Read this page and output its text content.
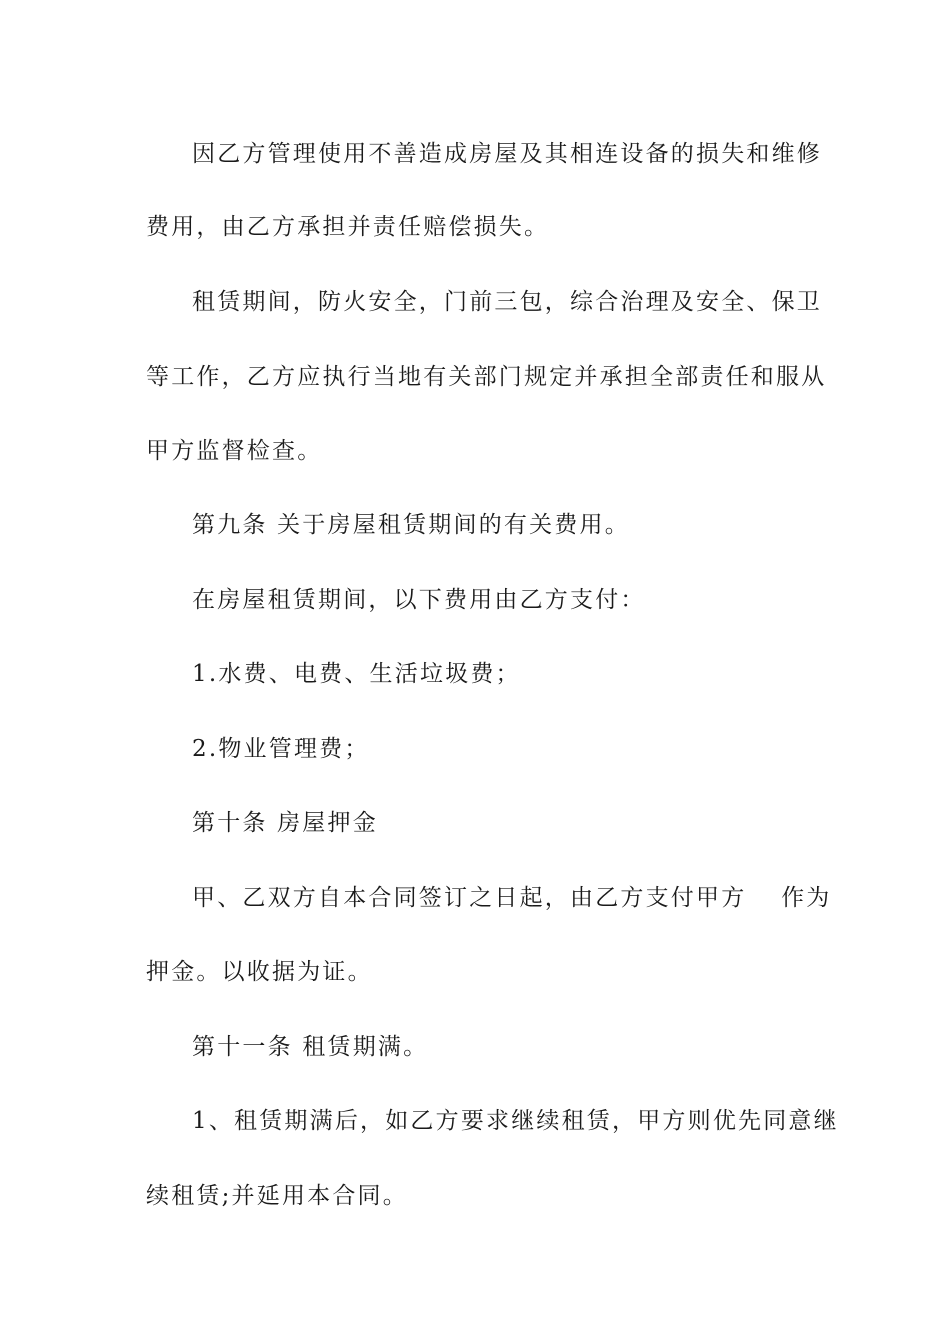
因乙方管理使用不善造成房屋及其相连设备的损失和维修
费用，由乙方承担并责任赔偿损失。
租赁期间，防火安全，门前三包，综合治理及安全、保卫
等工作，乙方应执行当地有关部门规定并承担全部责任和服从
甲方监督检查。
第九条 关于房屋租赁期间的有关费用。
在房屋租赁期间，以下费用由乙方支付：
1.水费、电费、生活垃圾费；
2.物业管理费；
第十条 房屋押金
甲、乙双方自本合同签订之日起，由乙方支付甲方　 作为
押金。以收据为证。
第十一条 租赁期满。
1、租赁期满后，如乙方要求继续租赁，甲方则优先同意继
续租赁;并延用本合同。
